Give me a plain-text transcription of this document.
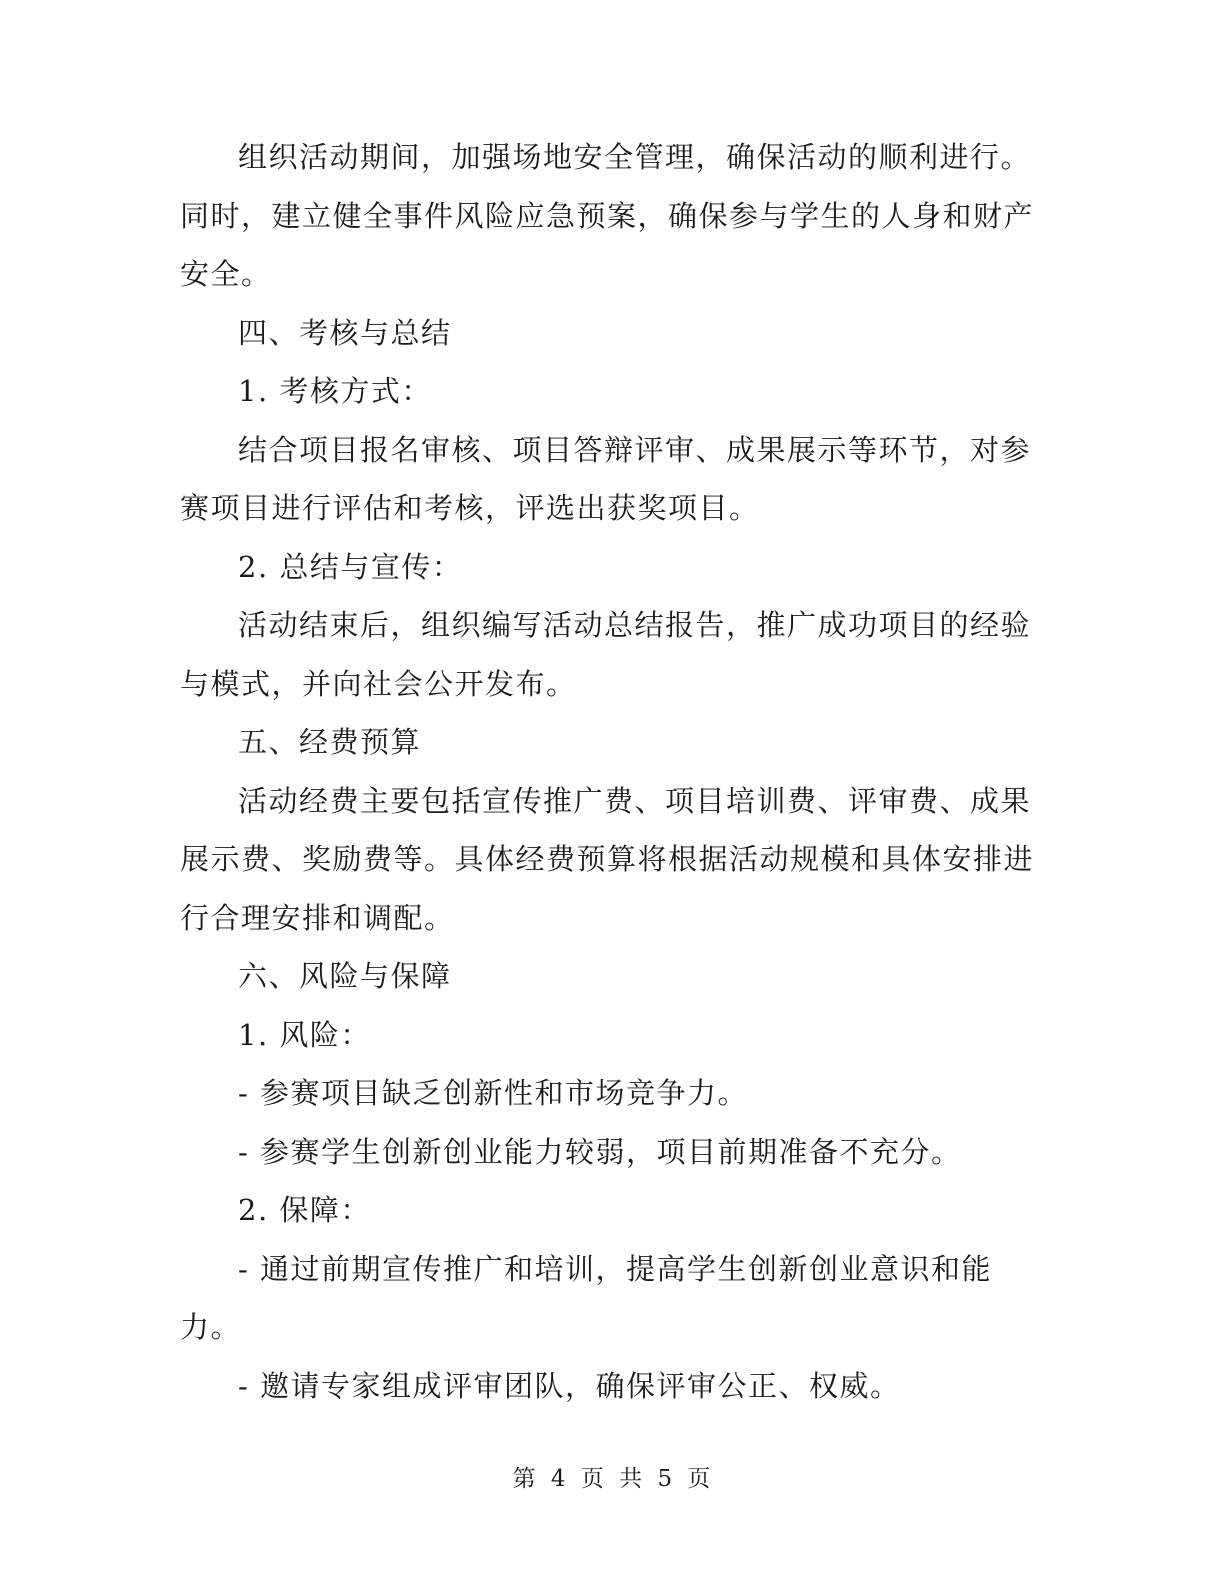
组织活动期间，加强场地安全管理，确保活动的顺利进行。
同时，建立健全事件风险应急预案，确保参与学生的人身和财产
安全。
四、考核与总结
1. 考核方式：
结合项目报名审核、项目答辩评审、成果展示等环节，对参
赛项目进行评估和考核，评选出获奖项目。
2. 总结与宣传：
活动结束后，组织编写活动总结报告，推广成功项目的经验
与模式，并向社会公开发布。
五、经费预算
活动经费主要包括宣传推广费、项目培训费、评审费、成果
展示费、奖励费等。具体经费预算将根据活动规模和具体安排进
行合理安排和调配。
六、风险与保障
1. 风险：
- 参赛项目缺乏创新性和市场竞争力。
- 参赛学生创新创业能力较弱，项目前期准备不充分。
2. 保障：
- 通过前期宣传推广和培训，提高学生创新创业意识和能
力。
- 邀请专家组成评审团队，确保评审公正、权威。
第 4 页 共 5 页
